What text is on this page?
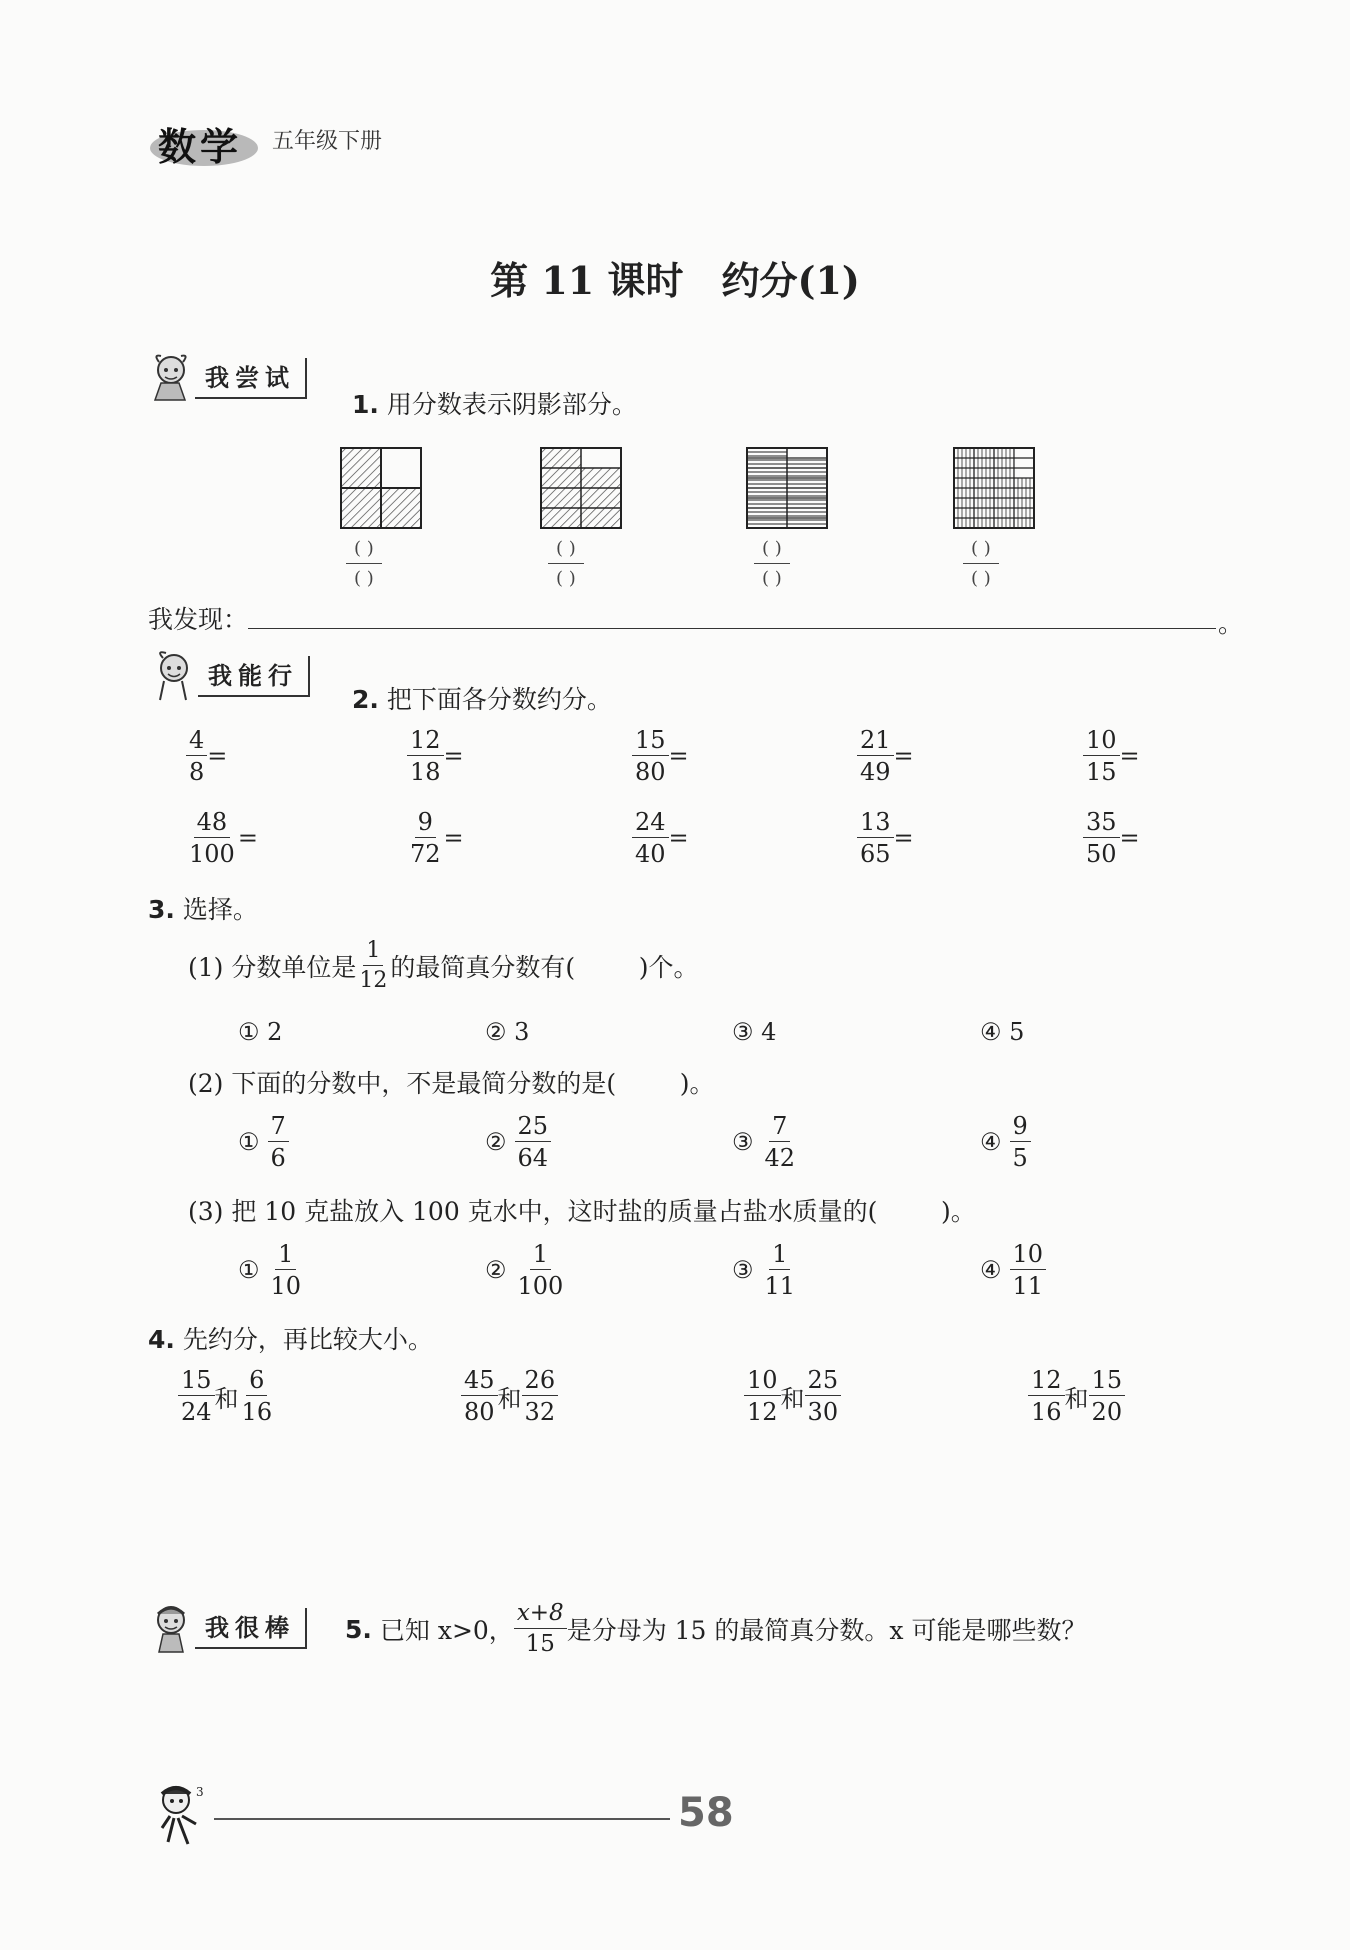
数学 五年级下册
第 11 课时　约分(1)
我尝试
1. 用分数表示阴影部分。
( )
( )
( )
( )
( )
( )
( )
( )
我发现：	。
我能行
2. 把下面各分数约分。
$\frac{4}{8}$ =	$\frac{12}{18}$ =	$\frac{15}{80}$ =	$\frac{21}{49}$ =	$\frac{10}{15}$ =
$\frac{48}{100}$ =	$\frac{9}{72}$ =	$\frac{24}{40}$ =	$\frac{13}{65}$ =	$\frac{35}{50}$ =
3. 选择。
(1) 分数单位是 $\frac{1}{12}$ 的最简真分数有(        )个。
① 2	② 3	③ 4	④ 5
(2) 下面的分数中，不是最简分数的是(        )。
① $\frac{7}{6}$	② $\frac{25}{64}$	③ $\frac{7}{42}$	④ $\frac{9}{5}$
(3) 把 10 克盐放入 100 克水中，这时盐的质量占盐水质量的(        )。
① $\frac{1}{10}$	② $\frac{1}{100}$	③ $\frac{1}{11}$	④ $\frac{10}{11}$
4. 先约分，再比较大小。
$\frac{15}{24}$ 和 $\frac{6}{16}$	$\frac{45}{80}$ 和 $\frac{26}{32}$	$\frac{10}{12}$ 和 $\frac{25}{30}$	$\frac{12}{16}$ 和 $\frac{15}{20}$
我很棒	5. 已知 x>0， $\frac{x+8}{15}$ 是分母为 15 的最简真分数。x 可能是哪些数？
3	58
